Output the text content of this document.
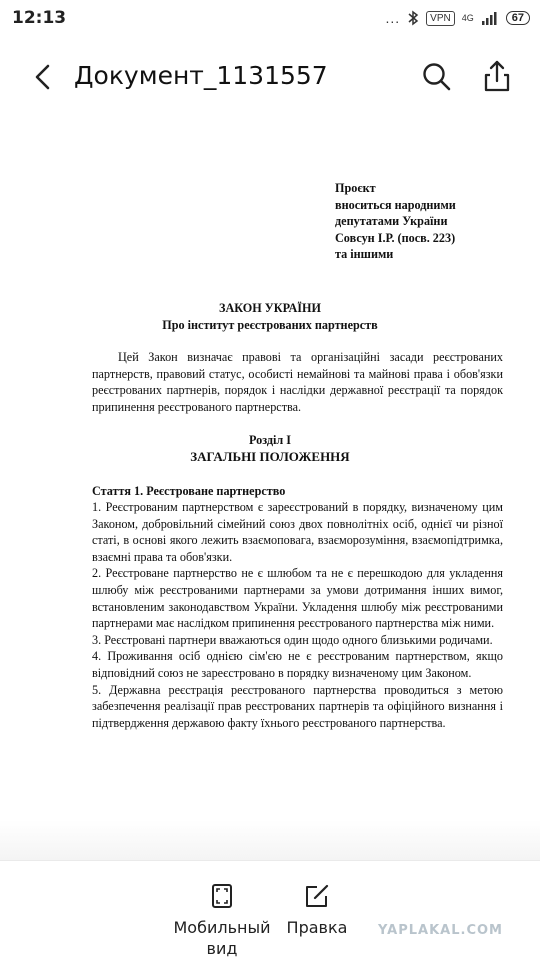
12:13	...	VPN	4G	67
Документ_1131557
Проєкт
вноситься народними
депутатами України
Совсун І.Р. (посв. 223)
та іншими
ЗАКОН УКРАЇНИ
Про інститут реєстрованих партнерств

Цей Закон визначає правові та організаційні засади реєстрованих партнерств, правовий статус, особисті немайнові та майнові права і обов'язки реєстрованих партнерів, порядок і наслідки державної реєстрації та порядок припинення реєстрованого партнерства.

Розділ I
ЗАГАЛЬНІ ПОЛОЖЕННЯ
Стаття 1. Реєстроване партнерство

1. Реєстрованим партнерством є зареєстрований в порядку, визначеному цим Законом, добровільний сімейний союз двох повнолітніх осіб, однієї чи різної статі, в основі якого лежить взаємоповага, взаєморозуміння, взаємопідтримка, взаємні права та обов'язки.

2. Реєстроване партнерство не є шлюбом та не є перешкодою для укладення шлюбу між реєстрованими партнерами за умови дотримання інших вимог, встановленим законодавством України. Укладення шлюбу між реєстрованими партнерами має наслідком припинення реєстрованого партнерства між ними.

3. Реєстровані партнери вважаються один щодо одного близькими родичами.

4. Проживання осіб однією сім'єю не є реєстрованим партнерством, якщо відповідний союз не зареєстровано в порядку визначеному цим Законом.

5. Державна реєстрація реєстрованого партнерства проводиться з метою забезпечення реалізації прав реєстрованих партнерів та офіційного визнання і підтвердження державою факту їхнього реєстрованого партнерства.

Мобильный
вид
Правка	YAPLAKAL.COM
